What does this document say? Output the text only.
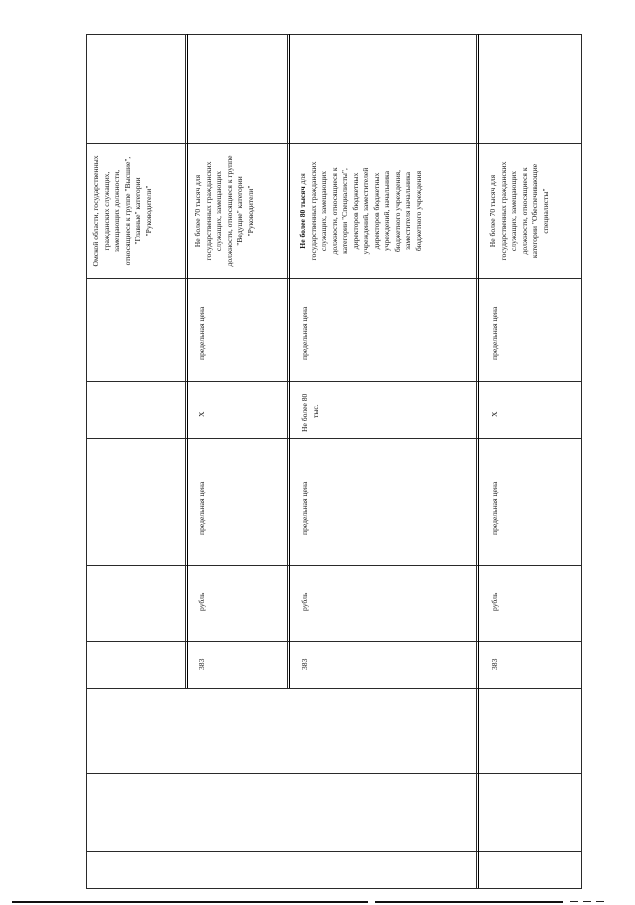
Омской области, государственных гражданских служащих, замещающих должности, относящиеся к группе "Высшие", "Главные" категории "Руководители"	Не более 70 тысяч для государственных гражданских служащих, замещающих должности, относящиеся к группе "Ведущие" категории "Руководители"
предельная цена
Х
предельная цена
рубль
383
Не более 80 тысяч для государственных гражданских служащих, замещающих должности, относящиеся к категории "Специалисты", директоров бюджетных учреждений, заместителей директоров бюджетных учреждений, начальника бюджетного учреждения, заместителя начальника бюджетного учреждения
предельная цена
Не более 80 тыс.
предельная цена
рубль
383
Не более 70 тысяч для государственных гражданских служащих, замещающих должности, относящиеся к категории "Обеспечивающие специалисты"
предельная цена
Х
предельная цена
рубль
383
